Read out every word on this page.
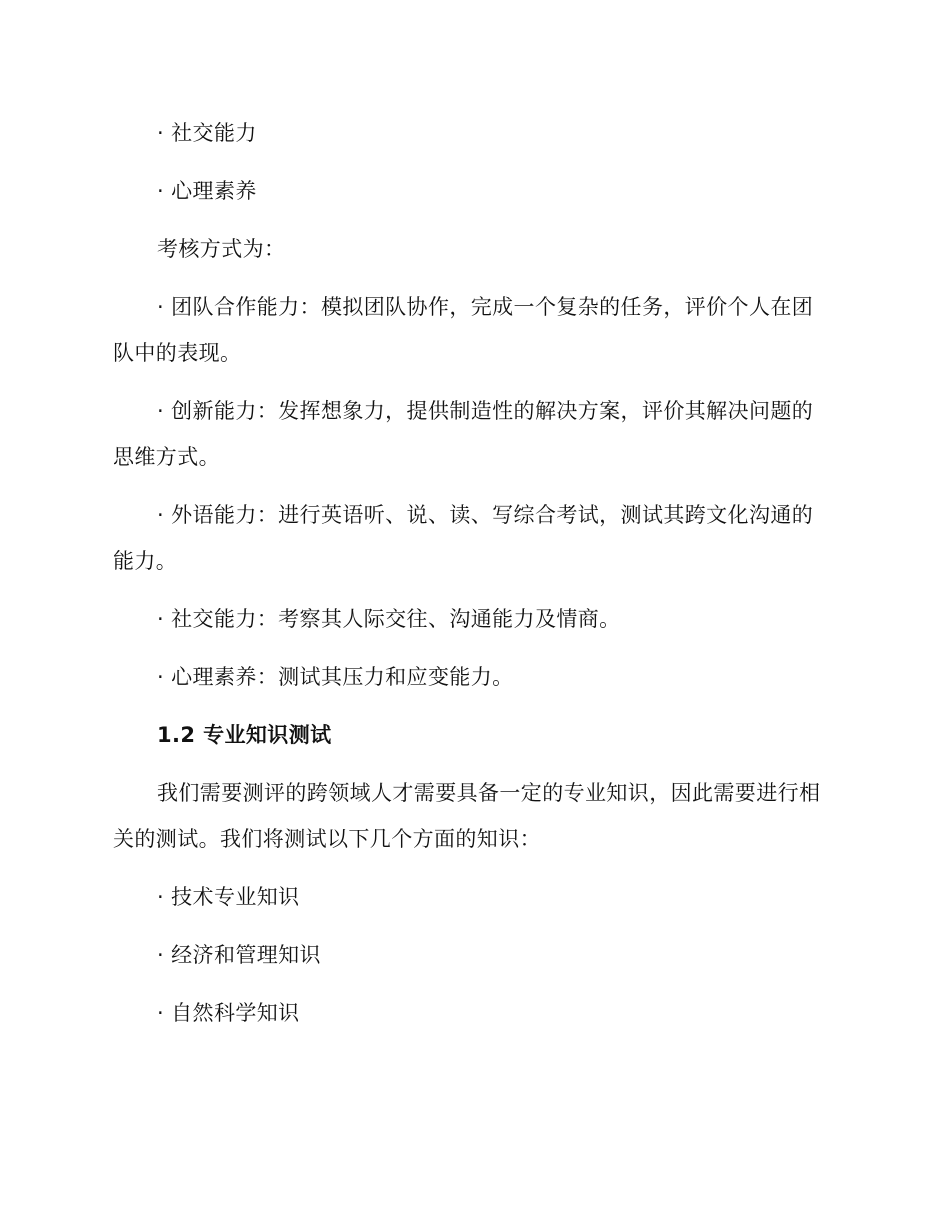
· 社交能力

· 心理素养

考核方式为：

· 团队合作能力：模拟团队协作，完成一个复杂的任务，评价个人在团队中的表现。

· 创新能力：发挥想象力，提供制造性的解决方案，评价其解决问题的思维方式。

· 外语能力：进行英语听、说、读、写综合考试，测试其跨文化沟通的能力。

· 社交能力：考察其人际交往、沟通能力及情商。

· 心理素养：测试其压力和应变能力。

1.2 专业知识测试

我们需要测评的跨领域人才需要具备一定的专业知识，因此需要进行相关的测试。我们将测试以下几个方面的知识：

· 技术专业知识

· 经济和管理知识

· 自然科学知识
